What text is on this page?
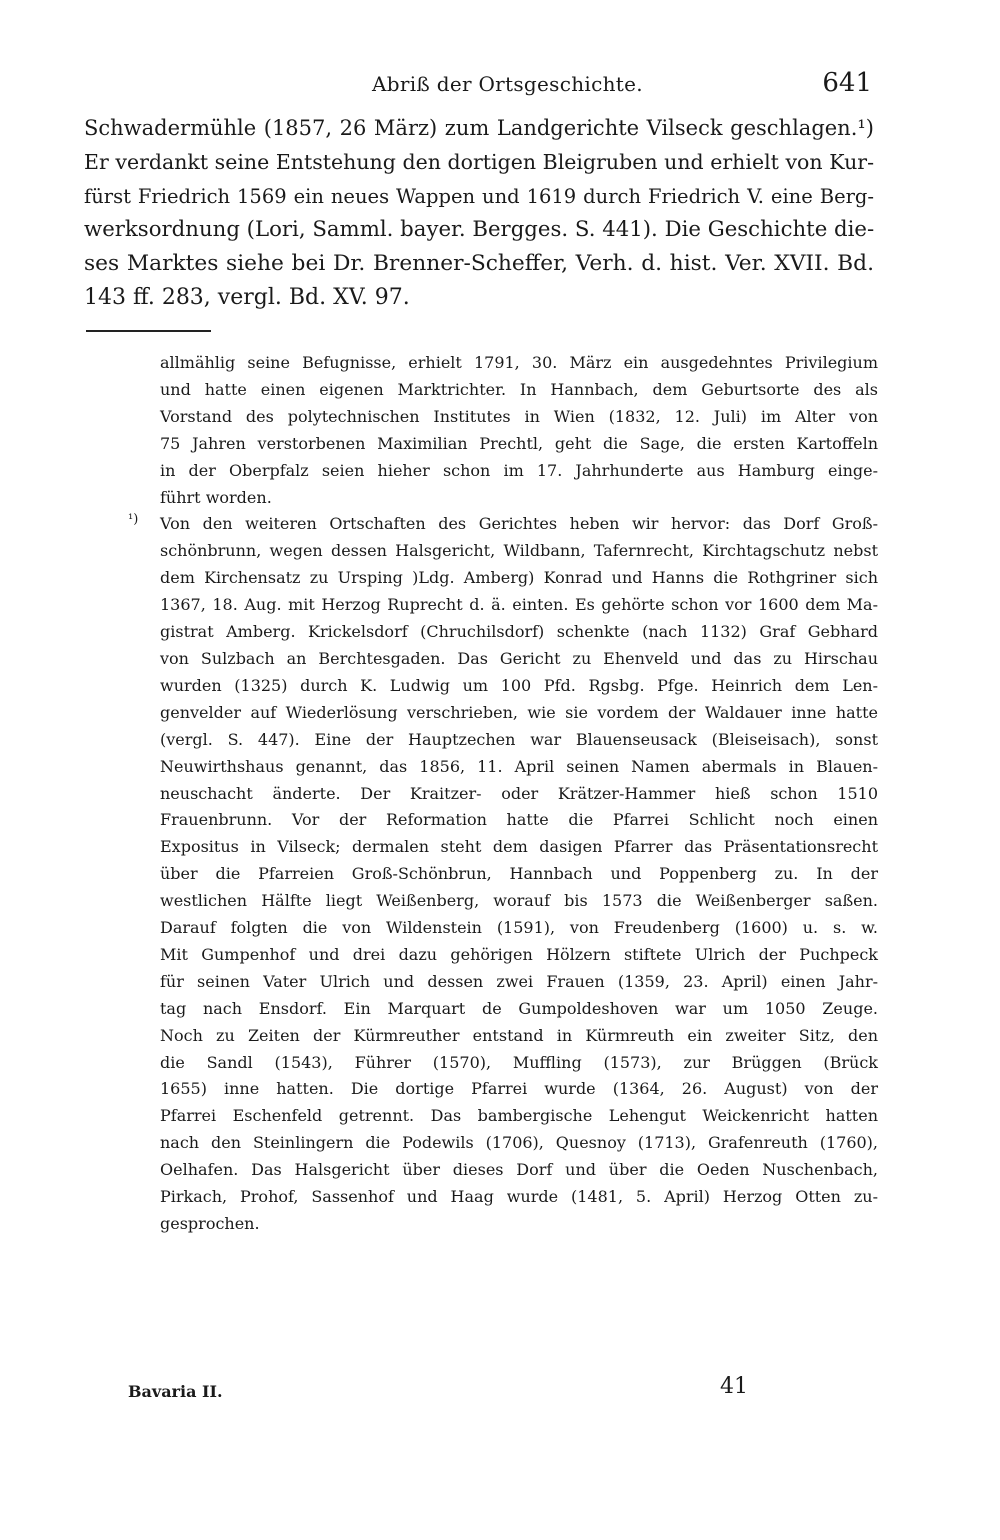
Abriß der Ortsgeschichte.	641
Schwadermühle (1857, 26 März) zum Landgerichte Vilseck geschlagen.¹)
Er verdankt seine Entstehung den dortigen Bleigruben und erhielt von Kur-
fürst Friedrich 1569 ein neues Wappen und 1619 durch Friedrich V. eine Berg-
werksordnung (Lori, Samml. bayer. Bergges. S. 441). Die Geschichte die-
ses Marktes siehe bei Dr. Brenner-Scheffer, Verh. d. hist. Ver. XVII. Bd.
143 ff. 283, vergl. Bd. XV. 97.
allmählig seine Befugnisse, erhielt 1791, 30. März ein ausgedehntes Privilegium
und hatte einen eigenen Marktrichter. In Hannbach, dem Geburtsorte des als
Vorstand des polytechnischen Institutes in Wien (1832, 12. Juli) im Alter von
75 Jahren verstorbenen Maximilian Prechtl, geht die Sage, die ersten Kartoffeln
in der Oberpfalz seien hieher schon im 17. Jahrhunderte aus Hamburg einge-
führt worden.
¹) Von den weiteren Ortschaften des Gerichtes heben wir hervor: das Dorf Groß-
schönbrunn, wegen dessen Halsgericht, Wildbann, Tafernrecht, Kirchtagschutz nebst
dem Kirchensatz zu Ursping )Ldg. Amberg) Konrad und Hanns die Rothgriner sich
1367, 18. Aug. mit Herzog Ruprecht d. ä. einten. Es gehörte schon vor 1600 dem Ma-
gistrat Amberg. Krickelsdorf (Chruchilsdorf) schenkte (nach 1132) Graf Gebhard
von Sulzbach an Berchtesgaden. Das Gericht zu Ehenveld und das zu Hirschau
wurden (1325) durch K. Ludwig um 100 Pfd. Rgsbg. Pfge. Heinrich dem Len-
genvelder auf Wiederlösung verschrieben, wie sie vordem der Waldauer inne hatte
(vergl. S. 447). Eine der Hauptzechen war Blauenseusack (Bleiseisach), sonst
Neuwirthshaus genannt, das 1856, 11. April seinen Namen abermals in Blauen-
neuschacht änderte. Der Kraitzer- oder Krätzer-Hammer hieß schon 1510
Frauenbrunn. Vor der Reformation hatte die Pfarrei Schlicht noch einen
Expositus in Vilseck; dermalen steht dem dasigen Pfarrer das Präsentationsrecht
über die Pfarreien Groß-Schönbrun, Hannbach und Poppenberg zu. In der
westlichen Hälfte liegt Weißenberg, worauf bis 1573 die Weißenberger saßen.
Darauf folgten die von Wildenstein (1591), von Freudenberg (1600) u. s. w.
Mit Gumpenhof und drei dazu gehörigen Hölzern stiftete Ulrich der Puchpeck
für seinen Vater Ulrich und dessen zwei Frauen (1359, 23. April) einen Jahr-
tag nach Ensdorf. Ein Marquart de Gumpoldeshoven war um 1050 Zeuge.
Noch zu Zeiten der Kürmreuther entstand in Kürmreuth ein zweiter Sitz, den
die Sandl (1543), Führer (1570), Muffling (1573), zur Brüggen (Brück
1655) inne hatten. Die dortige Pfarrei wurde (1364, 26. August) von der
Pfarrei Eschenfeld getrennt. Das bambergische Lehengut Weickenricht hatten
nach den Steinlingern die Podewils (1706), Quesnoy (1713), Grafenreuth (1760),
Oelhafen. Das Halsgericht über dieses Dorf und über die Oeden Nuschenbach,
Pirkach, Prohof, Sassenhof und Haag wurde (1481, 5. April) Herzog Otten zu-
gesprochen.
Bavaria II.	41
